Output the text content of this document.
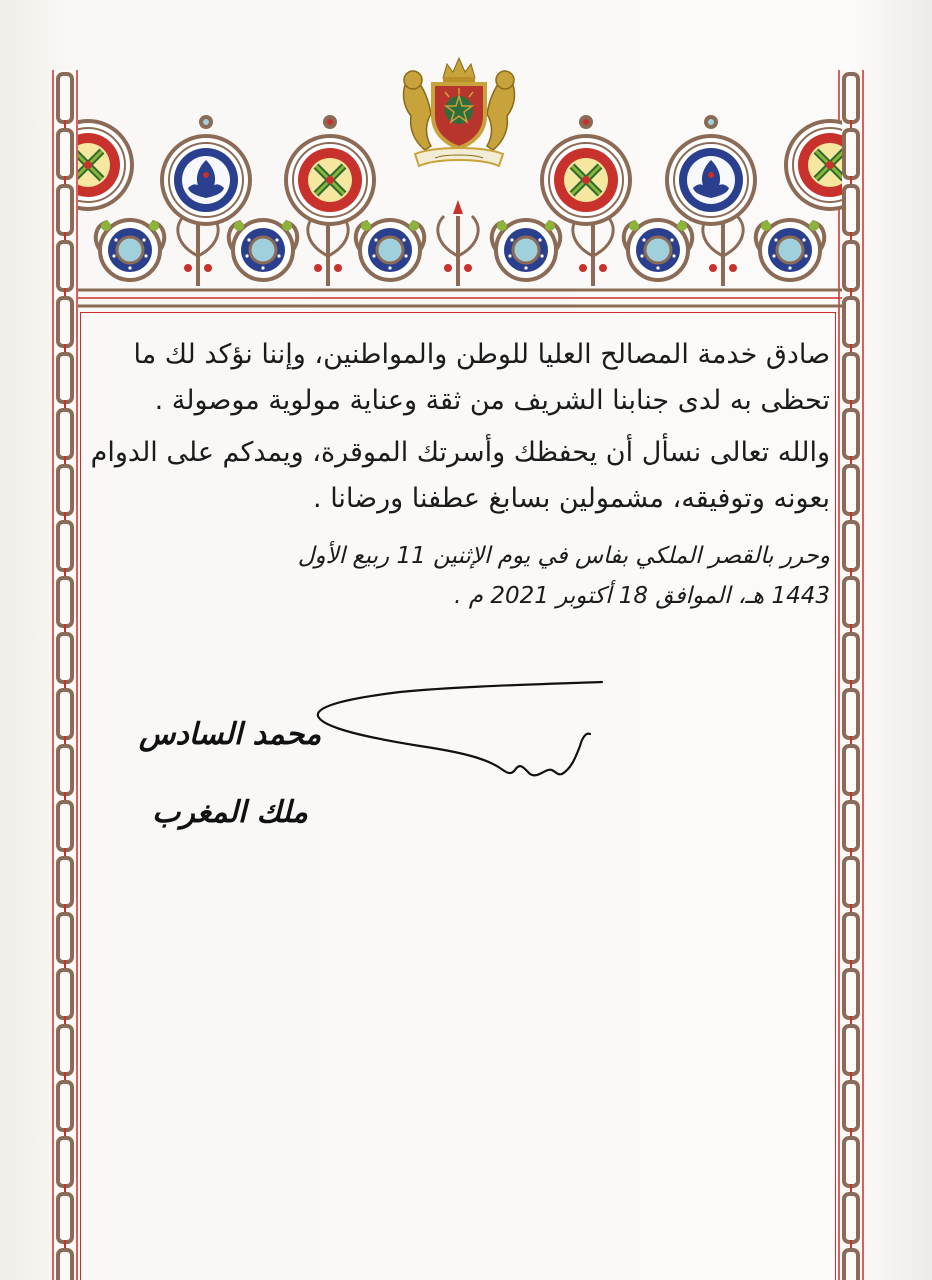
صادق خدمة المصالح العليا للوطن والمواطنين، وإننا نؤكد لك ما تحظى به لدى جنابنا الشريف من ثقة وعناية مولوية موصولة .

والله تعالى نسأل أن يحفظك وأسرتك الموقرة، ويمدكم على الدوام بعونه وتوفيقه، مشمولين بسابغ عطفنا ورضانا .

وحرر بالقصر الملكي بفاس في يوم الإثنين 11 ربيع الأول
1443 هـ، الموافق 18 أكتوبر 2021 م .

محمد السادس
ملك المغرب
